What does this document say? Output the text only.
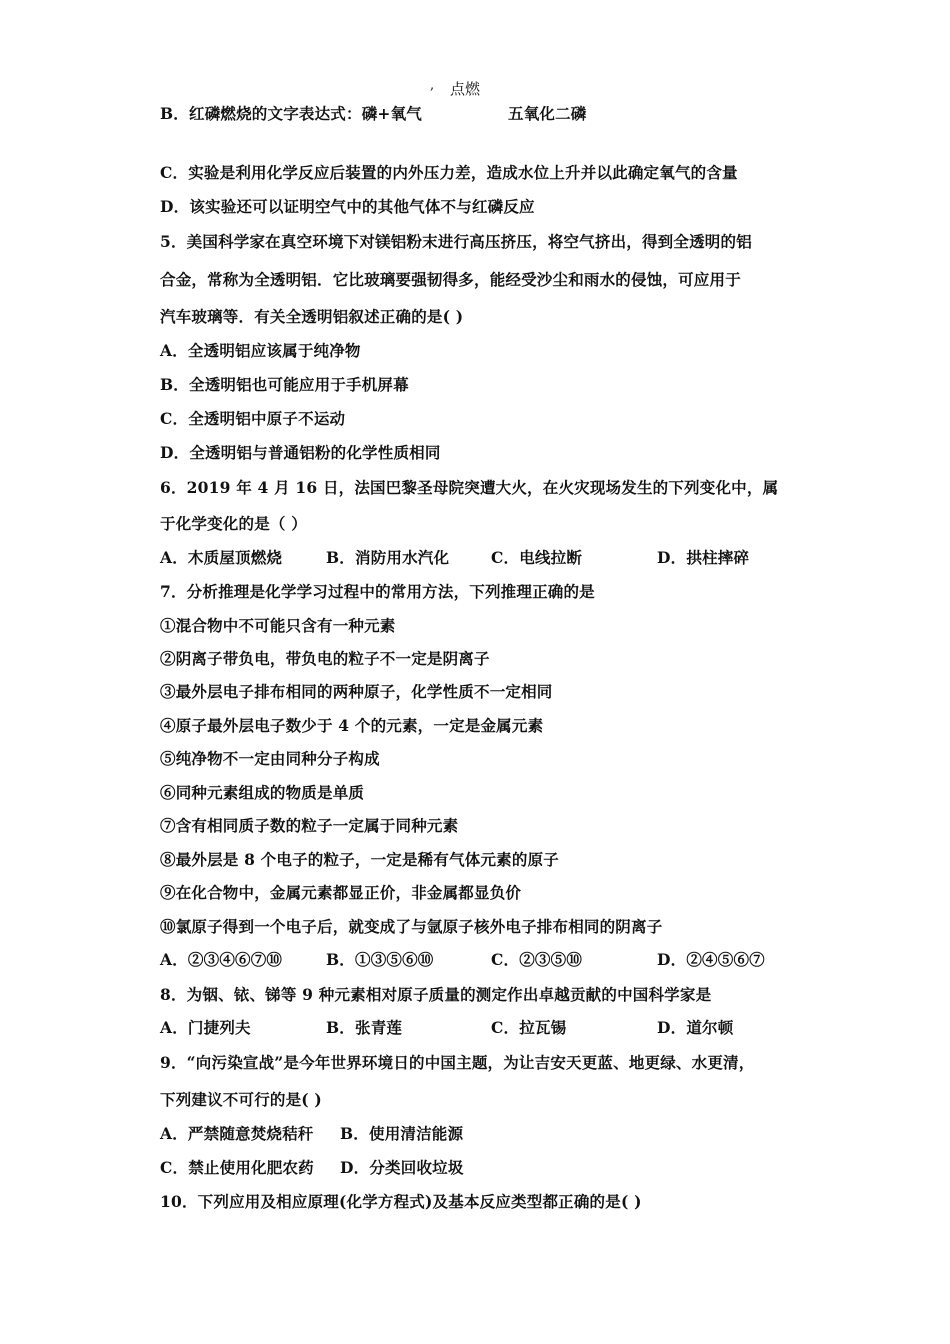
, 点燃
B．红磷燃烧的文字表达式：磷+氧气	五氧化二磷
C．实验是利用化学反应后装置的内外压力差，造成水位上升并以此确定氧气的含量
D．该实验还可以证明空气中的其他气体不与红磷反应
5．美国科学家在真空环境下对镁铝粉末进行高压挤压，将空气挤出，得到全透明的铝
合金，常称为全透明铝．它比玻璃要强韧得多，能经受沙尘和雨水的侵蚀，可应用于
汽车玻璃等．有关全透明铝叙述正确的是( )
A．全透明铝应该属于纯净物
B．全透明铝也可能应用于手机屏幕
C．全透明铝中原子不运动
D．全透明铝与普通铝粉的化学性质相同
6．2019 年 4 月 16 日，法国巴黎圣母院突遭大火，在火灾现场发生的下列变化中，属
于化学变化的是（ ）
A．木质屋顶燃烧	B．消防用水汽化	C．电线拉断	D．拱柱摔碎
7．分析推理是化学学习过程中的常用方法，下列推理正确的是
①混合物中不可能只含有一种元素
②阴离子带负电，带负电的粒子不一定是阴离子
③最外层电子排布相同的两种原子，化学性质不一定相同
④原子最外层电子数少于 4 个的元素，一定是金属元素
⑤纯净物不一定由同种分子构成
⑥同种元素组成的物质是单质
⑦含有相同质子数的粒子一定属于同种元素
⑧最外层是 8 个电子的粒子，一定是稀有气体元素的原子
⑨在化合物中，金属元素都显正价，非金属都显负价
⑩氯原子得到一个电子后，就变成了与氩原子核外电子排布相同的阴离子
A．②③④⑥⑦⑩	B．①③⑤⑥⑩	C．②③⑤⑩	D．②④⑤⑥⑦
8．为铟、铱、锑等 9 种元素相对原子质量的测定作出卓越贡献的中国科学家是
A．门捷列夫	B．张青莲	C．拉瓦锡	D．道尔顿
9．“向污染宣战”是今年世界环境日的中国主题，为让吉安天更蓝、地更绿、水更清，
下列建议不可行的是( )
A．严禁随意焚烧秸秆 B．使用清洁能源
C．禁止使用化肥农药 D．分类回收垃圾
10．下列应用及相应原理(化学方程式)及基本反应类型都正确的是( )
